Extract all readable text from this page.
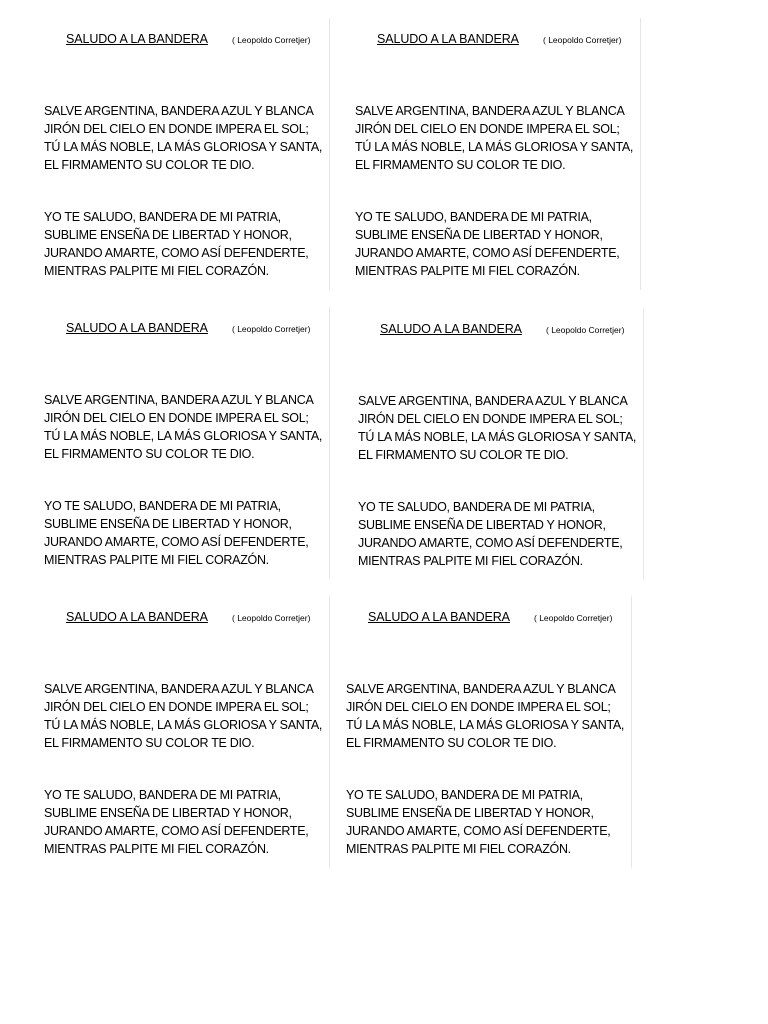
SALUDO A LA BANDERA	( Leopoldo Corretjer)
SALVE ARGENTINA, BANDERA AZUL Y BLANCA
JIRÓN DEL CIELO EN DONDE IMPERA EL SOL;
TÚ LA MÁS NOBLE, LA MÁS GLORIOSA Y SANTA,
EL FIRMAMENTO SU COLOR TE DIO.
YO TE SALUDO, BANDERA DE MI PATRIA,
SUBLIME ENSEÑA DE LIBERTAD Y HONOR,
JURANDO AMARTE, COMO ASÍ DEFENDERTE,
MIENTRAS PALPITE MI FIEL CORAZÓN.
SALUDO A LA BANDERA	( Leopoldo Corretjer)
SALVE ARGENTINA, BANDERA AZUL Y BLANCA
JIRÓN DEL CIELO EN DONDE IMPERA EL SOL;
TÚ LA MÁS NOBLE, LA MÁS GLORIOSA Y SANTA,
EL FIRMAMENTO SU COLOR TE DIO.
YO TE SALUDO, BANDERA DE MI PATRIA,
SUBLIME ENSEÑA DE LIBERTAD Y HONOR,
JURANDO AMARTE, COMO ASÍ DEFENDERTE,
MIENTRAS PALPITE MI FIEL CORAZÓN.
SALUDO A LA BANDERA	( Leopoldo Corretjer)
SALVE ARGENTINA, BANDERA AZUL Y BLANCA
JIRÓN DEL CIELO EN DONDE IMPERA EL SOL;
TÚ LA MÁS NOBLE, LA MÁS GLORIOSA Y SANTA,
EL FIRMAMENTO SU COLOR TE DIO.
YO TE SALUDO, BANDERA DE MI PATRIA,
SUBLIME ENSEÑA DE LIBERTAD Y HONOR,
JURANDO AMARTE, COMO ASÍ DEFENDERTE,
MIENTRAS PALPITE MI FIEL CORAZÓN.
SALUDO A LA BANDERA	( Leopoldo Corretjer)
SALVE ARGENTINA, BANDERA AZUL Y BLANCA
JIRÓN DEL CIELO EN DONDE IMPERA EL SOL;
TÚ LA MÁS NOBLE, LA MÁS GLORIOSA Y SANTA,
EL FIRMAMENTO SU COLOR TE DIO.
YO TE SALUDO, BANDERA DE MI PATRIA,
SUBLIME ENSEÑA DE LIBERTAD Y HONOR,
JURANDO AMARTE, COMO ASÍ DEFENDERTE,
MIENTRAS PALPITE MI FIEL CORAZÓN.
SALUDO A LA BANDERA	( Leopoldo Corretjer)
SALVE ARGENTINA, BANDERA AZUL Y BLANCA
JIRÓN DEL CIELO EN DONDE IMPERA EL SOL;
TÚ LA MÁS NOBLE, LA MÁS GLORIOSA Y SANTA,
EL FIRMAMENTO SU COLOR TE DIO.
YO TE SALUDO, BANDERA DE MI PATRIA,
SUBLIME ENSEÑA DE LIBERTAD Y HONOR,
JURANDO AMARTE, COMO ASÍ DEFENDERTE,
MIENTRAS PALPITE MI FIEL CORAZÓN.
SALUDO A LA BANDERA	( Leopoldo Corretjer)
SALVE ARGENTINA, BANDERA AZUL Y BLANCA
JIRÓN DEL CIELO EN DONDE IMPERA EL SOL;
TÚ LA MÁS NOBLE, LA MÁS GLORIOSA Y SANTA,
EL FIRMAMENTO SU COLOR TE DIO.
YO TE SALUDO, BANDERA DE MI PATRIA,
SUBLIME ENSEÑA DE LIBERTAD Y HONOR,
JURANDO AMARTE, COMO ASÍ DEFENDERTE,
MIENTRAS PALPITE MI FIEL CORAZÓN.
